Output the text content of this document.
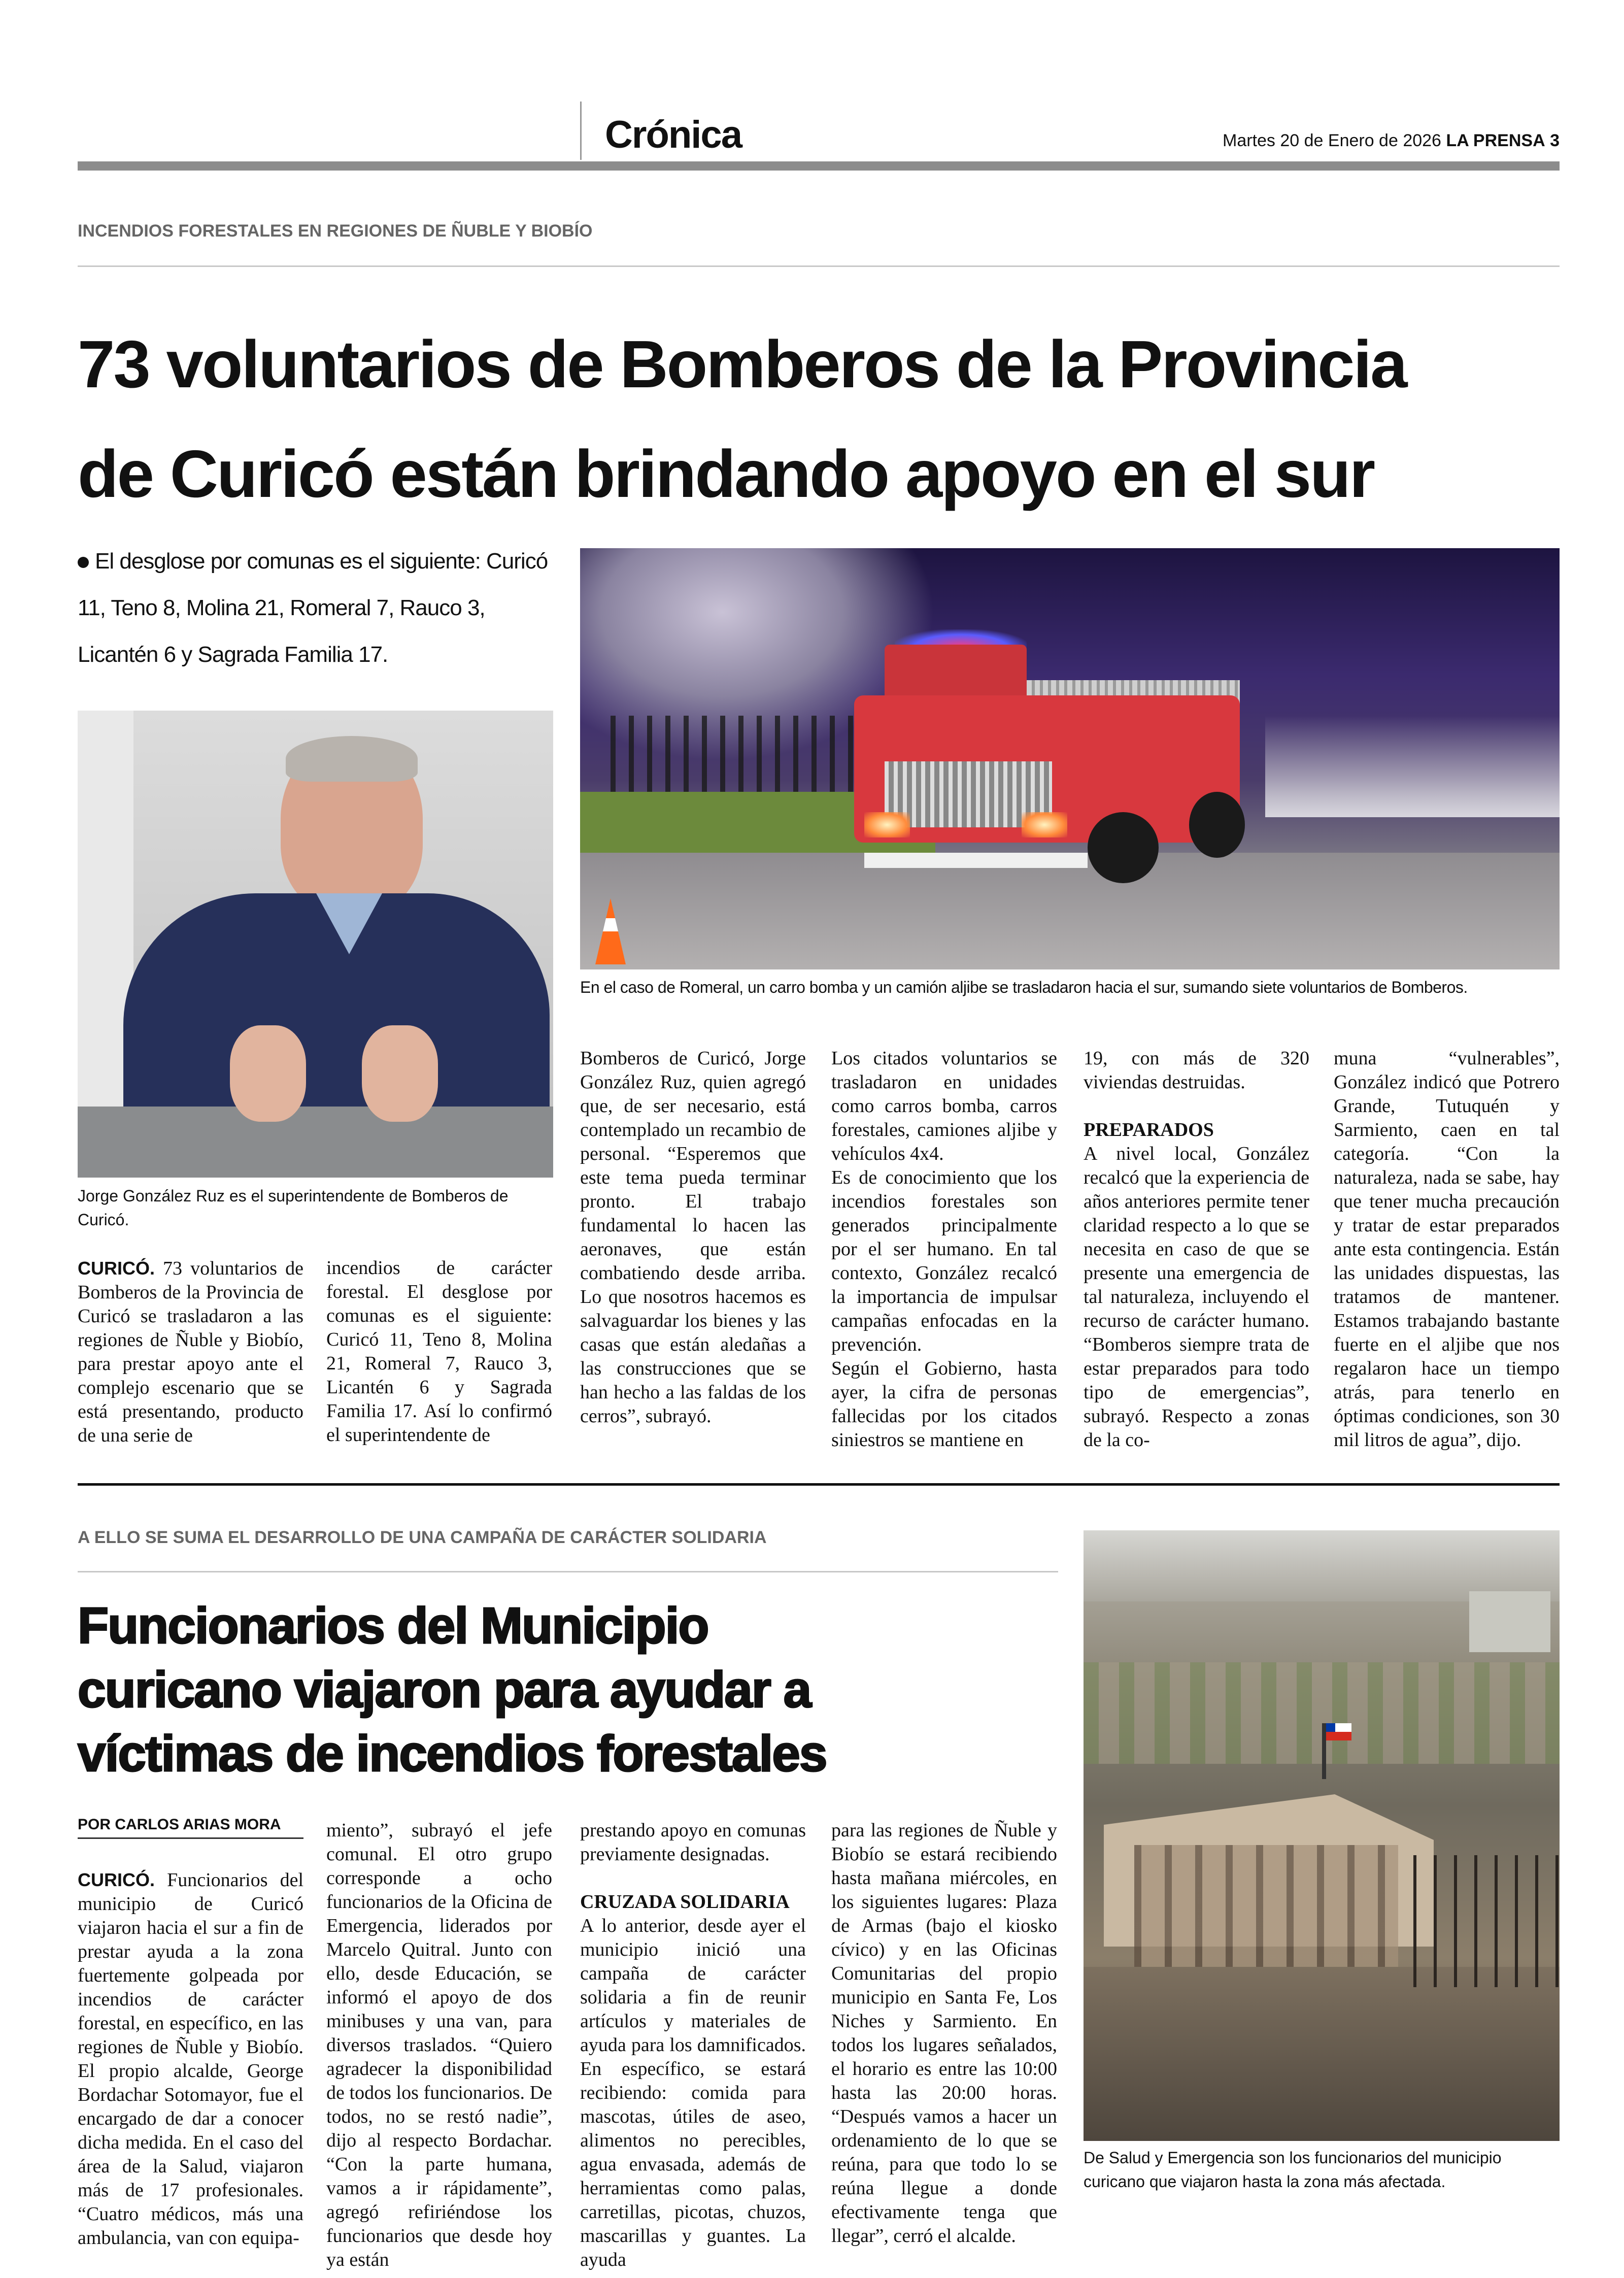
Crónica	Martes 20 de Enero de 2026 LA PRENSA 3
INCENDIOS FORESTALES EN REGIONES DE ÑUBLE Y BIOBÍO
73 voluntarios de Bomberos de la Provincia
de Curicó están brindando apoyo en el sur
El desglose por comunas es el siguiente: Curicó 11, Teno 8, Molina 21, Romeral 7, Rauco 3, Licantén 6 y Sagrada Familia 17.
En el caso de Romeral, un carro bomba y un camión aljibe se trasladaron hacia el sur, sumando siete voluntarios de Bomberos.
Jorge González Ruz es el superintendente de Bomberos de Curicó.

CURICÓ. 73 voluntarios de Bomberos de la Provincia de Curicó se trasladaron a las regiones de Ñuble y Biobío, para prestar apoyo ante el complejo escenario que se está presentando, producto de una serie de

incendios de carácter forestal. El desglose por comunas es el siguiente: Curicó 11, Teno 8, Molina 21, Romeral 7, Rauco 3, Licantén 6 y Sagrada Familia 17. Así lo confirmó el superintendente de

Bomberos de Curicó, Jorge González Ruz, quien agregó que, de ser necesario, está contemplado un recambio de personal. “Esperemos que este tema pueda terminar pronto. El trabajo fundamental lo hacen las aeronaves, que están combatiendo desde arriba. Lo que nosotros hacemos es salvaguardar los bienes y las casas que están aledañas a las construcciones que se han hecho a las faldas de los cerros”, subrayó.

Los citados voluntarios se trasladaron en unidades como carros bomba, carros forestales, camiones aljibe y vehículos 4x4.

Es de conocimiento que los incendios forestales son generados principalmente por el ser humano. En tal contexto, González recalcó la importancia de impulsar campañas enfocadas en la prevención.

Según el Gobierno, hasta ayer, la cifra de personas fallecidas por los citados siniestros se mantiene en

19, con más de 320 viviendas destruidas.

PREPARADOS

A nivel local, González recalcó que la experiencia de años anteriores permite tener claridad respecto a lo que se necesita en caso de que se presente una emergencia de tal naturaleza, incluyendo el recurso de carácter humano. “Bomberos siempre trata de estar preparados para todo tipo de emergencias”, subrayó. Respecto a zonas de la co-

muna “vulnerables”, González indicó que Potrero Grande, Tutuquén y Sarmiento, caen en tal categoría. “Con la naturaleza, nada se sabe, hay que tener mucha precaución y tratar de estar preparados ante esta contingencia. Están las unidades dispuestas, las tratamos de mantener. Estamos trabajando bastante fuerte en el aljibe que nos regalaron hace un tiempo atrás, para tenerlo en óptimas condiciones, son 30 mil litros de agua”, dijo.

A ELLO SE SUMA EL DESARROLLO DE UNA CAMPAÑA DE CARÁCTER SOLIDARIA
Funcionarios del Municipio
curicano viajaron para ayudar a
víctimas de incendios forestales
POR CARLOS ARIAS MORA

CURICÓ. Funcionarios del municipio de Curicó viajaron hacia el sur a fin de prestar ayuda a la zona fuertemente golpeada por incendios de carácter forestal, en específico, en las regiones de Ñuble y Biobío. El propio alcalde, George Bordachar Sotomayor, fue el encargado de dar a conocer dicha medida. En el caso del área de la Salud, viajaron más de 17 profesionales. “Cuatro médicos, más una ambulancia, van con equipa-

miento”, subrayó el jefe comunal. El otro grupo corresponde a ocho funcionarios de la Oficina de Emergencia, liderados por Marcelo Quitral. Junto con ello, desde Educación, se informó el apoyo de dos minibuses y una van, para diversos traslados. “Quiero agradecer la disponibilidad de todos los funcionarios. De todos, no se restó nadie”, dijo al respecto Bordachar. “Con la parte humana, vamos a ir rápidamente”, agregó refiriéndose los funcionarios que desde hoy ya están

prestando apoyo en comunas previamente designadas.

CRUZADA SOLIDARIA

A lo anterior, desde ayer el municipio inició una campaña de carácter solidaria a fin de reunir artículos y materiales de ayuda para los damnificados. En específico, se estará recibiendo: comida para mascotas, útiles de aseo, alimentos no perecibles, agua envasada, además de herramientas como palas, carretillas, picotas, chuzos, mascarillas y guantes. La ayuda

para las regiones de Ñuble y Biobío se estará recibiendo hasta mañana miércoles, en los siguientes lugares: Plaza de Armas (bajo el kiosko cívico) y en las Oficinas Comunitarias del propio municipio en Santa Fe, Los Niches y Sarmiento. En todos los lugares señalados, el horario es entre las 10:00 hasta las 20:00 horas. “Después vamos a hacer un ordenamiento de lo que se reúna, para que todo lo se reúna llegue a donde efectivamente tenga que llegar”, cerró el alcalde.

De Salud y Emergencia son los funcionarios del municipio curicano que viajaron hasta la zona más afectada.
